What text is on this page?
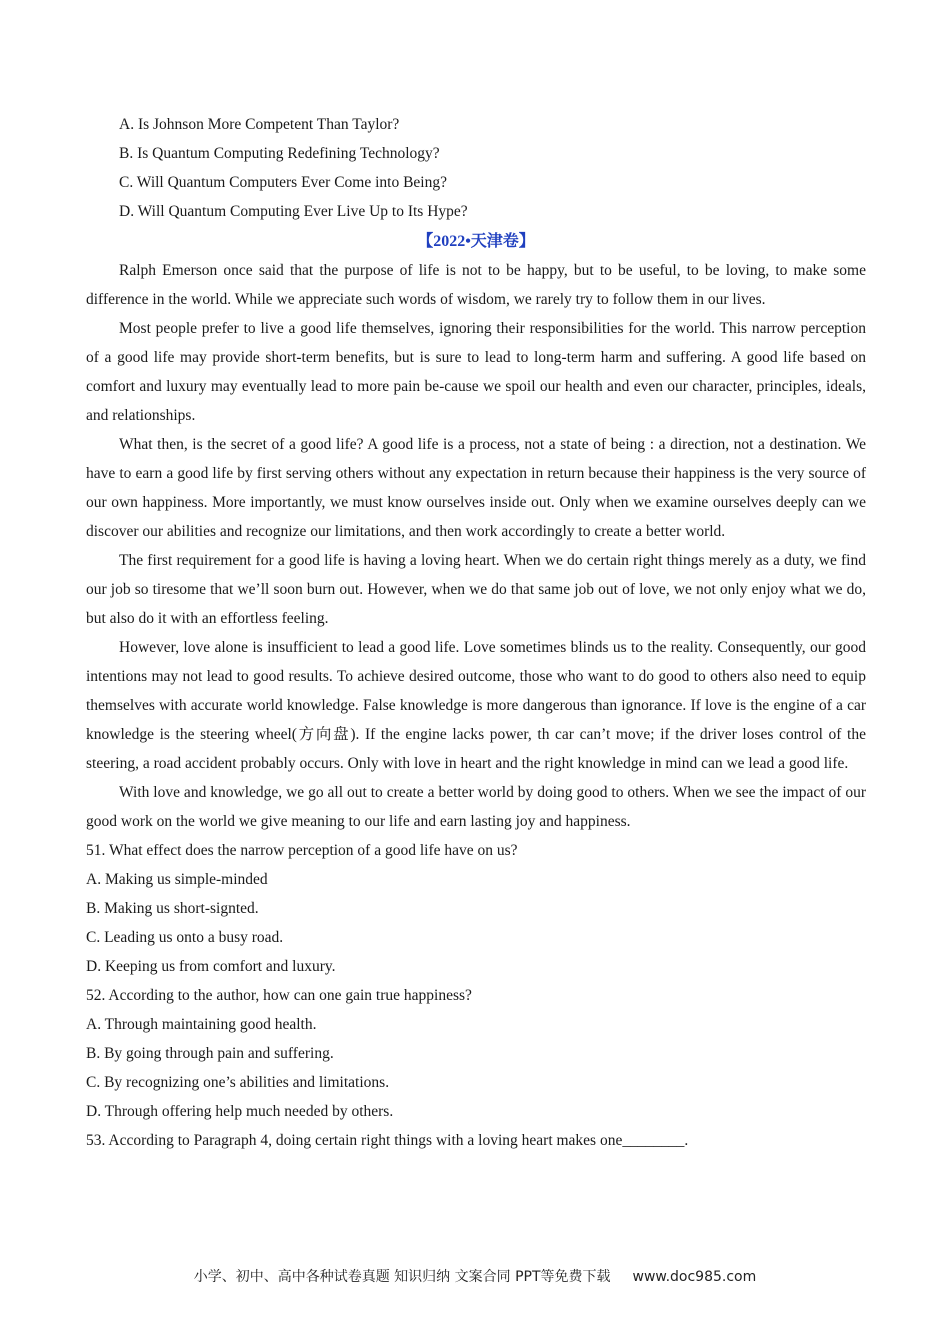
A. Is Johnson More Competent Than Taylor?
B. Is Quantum Computing Redefining Technology?
C. Will Quantum Computers Ever Come into Being?
D. Will Quantum Computing Ever Live Up to Its Hype?
【2022•天津卷】

Ralph Emerson once said that the purpose of life is not to be happy, but to be useful, to be loving, to make some difference in the world. While we appreciate such words of wisdom, we rarely try to follow them in our lives.

Most people prefer to live a good life themselves, ignoring their responsibilities for the world. This narrow perception of a good life may provide short-term benefits, but is sure to lead to long-term harm and suffering. A good life based on comfort and luxury may eventually lead to more pain be-cause we spoil our health and even our character, principles, ideals, and relationships.

What then, is the secret of a good life? A good life is a process, not a state of being : a direction, not a destination. We have to earn a good life by first serving others without any expectation in return because their happiness is the very source of our own happiness. More importantly, we must know ourselves inside out. Only when we examine ourselves deeply can we discover our abilities and recognize our limitations, and then work accordingly to create a better world.

The first requirement for a good life is having a loving heart. When we do certain right things merely as a duty, we find our job so tiresome that we’ll soon burn out. However, when we do that same job out of love, we not only enjoy what we do, but also do it with an effortless feeling.

However, love alone is insufficient to lead a good life. Love sometimes blinds us to the reality. Consequently, our good intentions may not lead to good results. To achieve desired outcome, those who want to do good to others also need to equip themselves with accurate world knowledge. False knowledge is more dangerous than ignorance. If love is the engine of a car knowledge is the steering wheel(方向盘). If the engine lacks power, th car can’t move; if the driver loses control of the steering, a road accident probably occurs. Only with love in heart and the right knowledge in mind can we lead a good life.

With love and knowledge, we go all out to create a better world by doing good to others. When we see the impact of our good work on the world we give meaning to our life and earn lasting joy and happiness.

51. What effect does the narrow perception of a good life have on us?
A. Making us simple-minded
B. Making us short-signted.
C. Leading us onto a busy road.
D. Keeping us from comfort and luxury.
52. According to the author, how can one gain true happiness?
A. Through maintaining good health.
B. By going through pain and suffering.
C. By recognizing one’s abilities and limitations.
D. Through offering help much needed by others.
53. According to Paragraph 4, doing certain right things with a loving heart makes one________.
小学、初中、高中各种试卷真题 知识归纳 文案合同 PPT等免费下载 www.doc985.com
